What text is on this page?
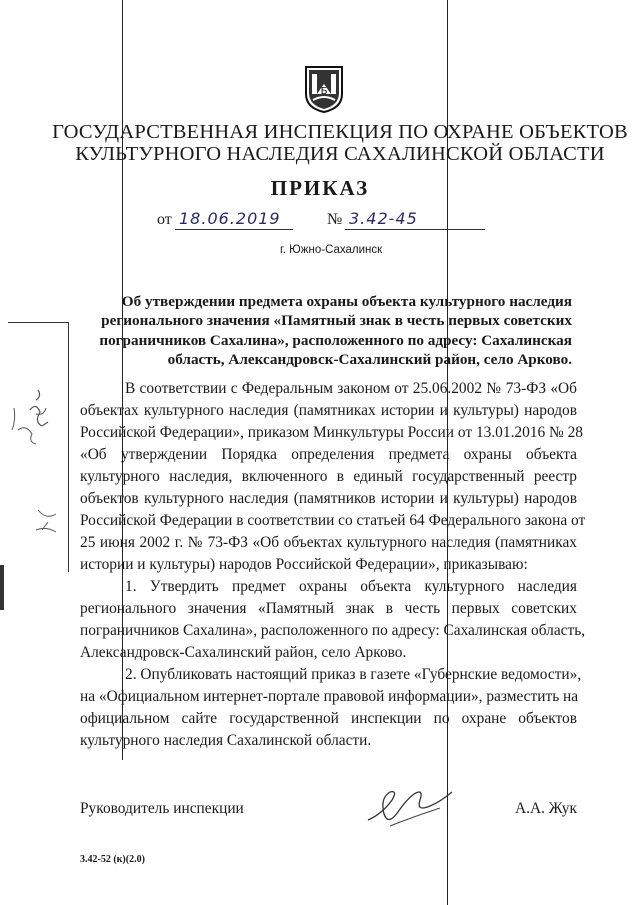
Б
ГОСУДАРСТВЕННАЯ ИНСПЕКЦИЯ ПО ОХРАНЕ ОБЪЕКТОВ
КУЛЬТУРНОГО НАСЛЕДИЯ САХАЛИНСКОЙ ОБЛАСТИ
ПРИКАЗ
от 18.06.2019	№ 3.42-45
г. Южно-Сахалинск
Об утверждении предмета охраны объекта культурного наследия
регионального значения «Памятный знак в честь первых советских
пограничников Сахалина», расположенного по адресу: Сахалинская
область, Александровск-Сахалинский район, село Арково.
В соответствии с Федеральным законом от 25.06.2002 № 73-ФЗ «Об
объектах культурного наследия (памятниках истории и культуры) народов
Российской Федерации», приказом Минкультуры России от 13.01.2016 № 28
«Об утверждении Порядка определения предмета охраны объекта
культурного наследия, включенного в единый государственный реестр
объектов культурного наследия (памятников истории и культуры) народов
Российской Федерации в соответствии со статьей 64 Федерального закона от
25 июня 2002 г. № 73-ФЗ «Об объектах культурного наследия (памятниках
истории и культуры) народов Российской Федерации», приказываю:
1. Утвердить предмет охраны объекта культурного наследия
регионального значения «Памятный знак в честь первых советских
пограничников Сахалина», расположенного по адресу: Сахалинская область,
Александровск-Сахалинский район, село Арково.
2. Опубликовать настоящий приказ в газете «Губернские ведомости»,
на «Официальном интернет-портале правовой информации», разместить на
официальном сайте государственной инспекции по охране объектов
культурного наследия Сахалинской области.
Руководитель инспекции	А.А. Жук
3.42-52 (к)(2.0)
